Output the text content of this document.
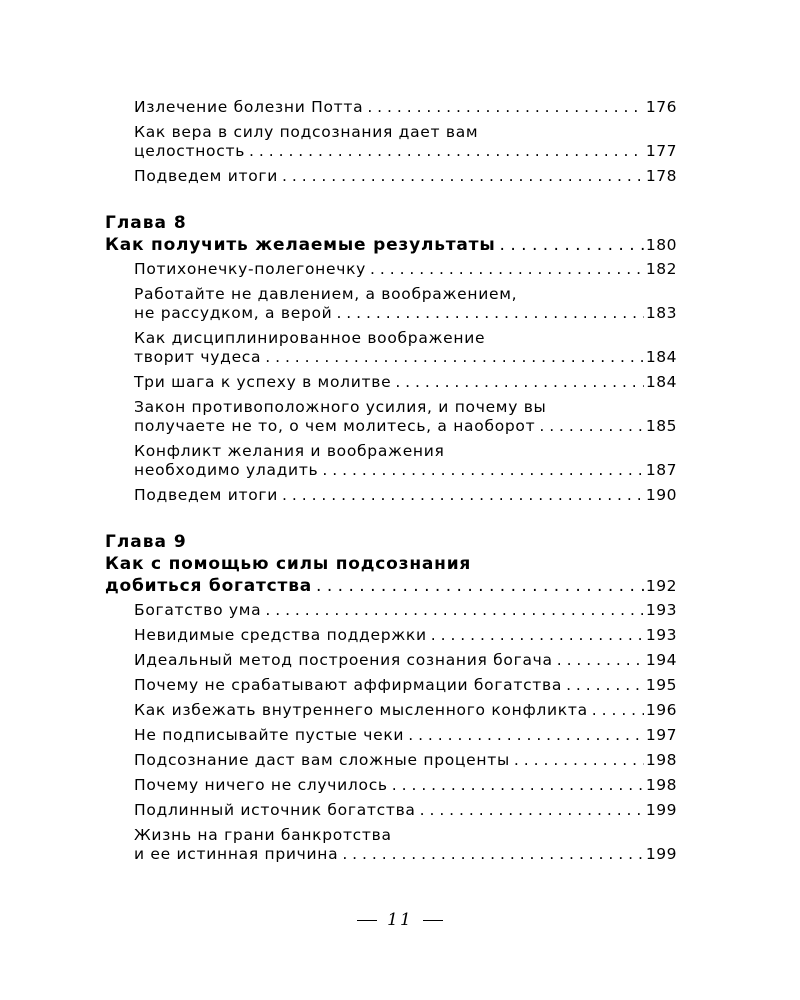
Излечение болезни Потта . . .	176
Как вера в силу подсознания дает вам
целостность . . .	177
Подведем итоги . . .	178
Глава 8
Как получить желаемые результаты . . .	180
Потихонечку-полегонечку . . .	182
Работайте не давлением, а воображением,
не рассудком, а верой . . .	183
Как дисциплинированное воображение
творит чудеса . . .	184
Три шага к успеху в молитве . . .	184
Закон противоположного усилия, и почему вы
получаете не то, о чем молитесь, а наоборот . . .	185
Конфликт желания и воображения
необходимо уладить . . .	187
Подведем итоги . . .	190
Глава 9
Как с помощью силы подсознания
добиться богатства . . .	192
Богатство ума . . .	193
Невидимые средства поддержки . . .	193
Идеальный метод построения сознания богача . . .	194
Почему не срабатывают аффирмации богатства . . .	195
Как избежать внутреннего мысленного конфликта . . .	196
Не подписывайте пустые чеки . . .	197
Подсознание даст вам сложные проценты . . .	198
Почему ничего не случилось . . .	198
Подлинный источник богатства . . .	199
Жизнь на грани банкротства
и ее истинная причина . . .	199
11
